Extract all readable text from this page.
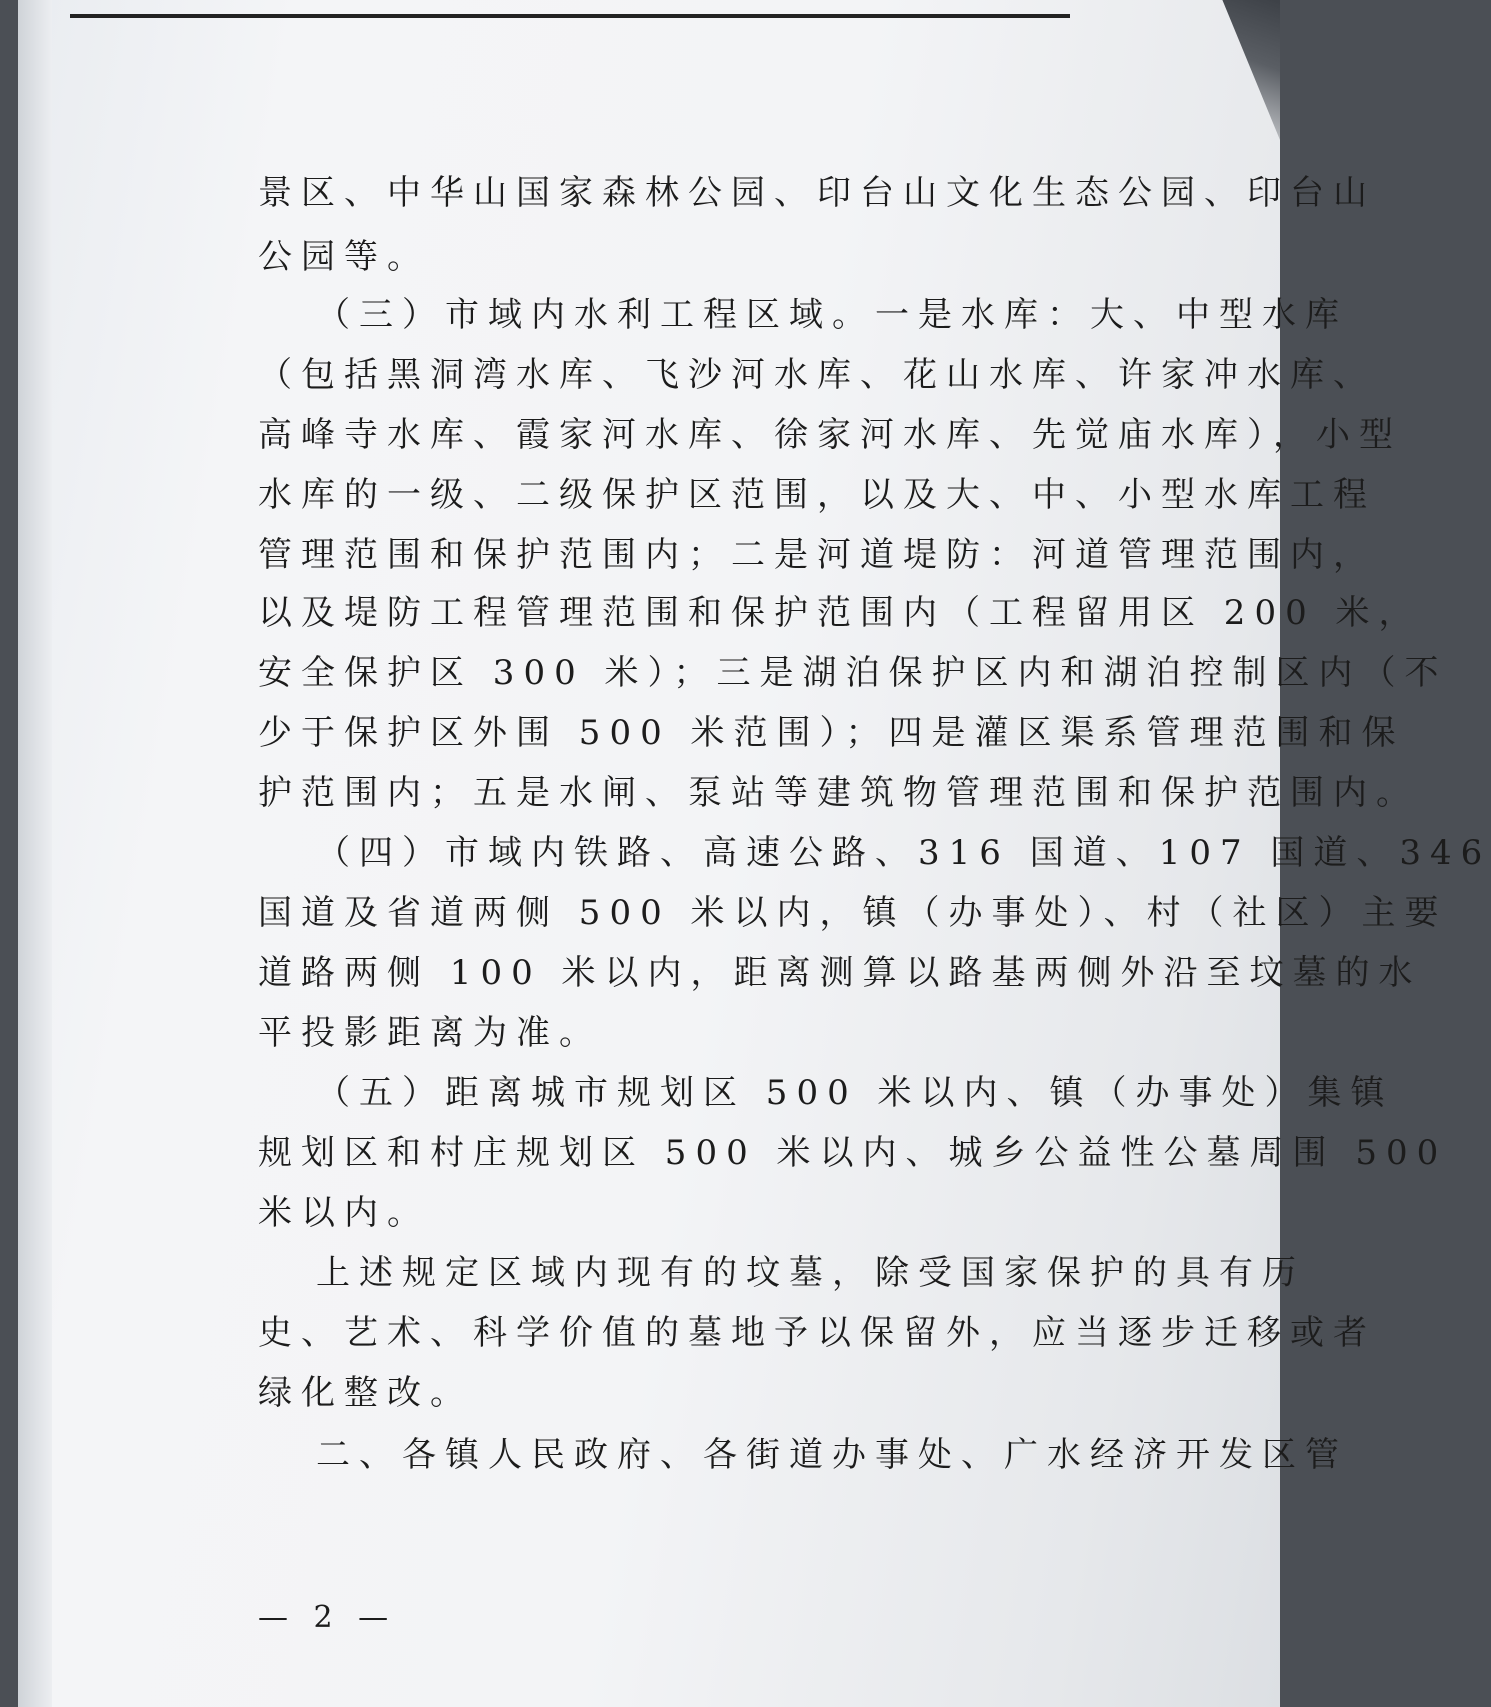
景区、中华山国家森林公园、印台山文化生态公园、印台山

公园等。

（三）市域内水利工程区域。一是水库：大、中型水库

（包括黑洞湾水库、飞沙河水库、花山水库、许家冲水库、

高峰寺水库、霞家河水库、徐家河水库、先觉庙水库），小型

水库的一级、二级保护区范围，以及大、中、小型水库工程

管理范围和保护范围内；二是河道堤防：河道管理范围内，

以及堤防工程管理范围和保护范围内（工程留用区 200 米，

安全保护区 300 米）；三是湖泊保护区内和湖泊控制区内（不

少于保护区外围 500 米范围）；四是灌区渠系管理范围和保

护范围内；五是水闸、泵站等建筑物管理范围和保护范围内。

（四）市域内铁路、高速公路、316 国道、107 国道、346

国道及省道两侧 500 米以内，镇（办事处）、村（社区）主要

道路两侧 100 米以内，距离测算以路基两侧外沿至坟墓的水

平投影距离为准。

（五）距离城市规划区 500 米以内、镇（办事处）集镇

规划区和村庄规划区 500 米以内、城乡公益性公墓周围 500

米以内。

上述规定区域内现有的坟墓，除受国家保护的具有历

史、艺术、科学价值的墓地予以保留外，应当逐步迁移或者

绿化整改。

二、各镇人民政府、各街道办事处、广水经济开发区管

— 2 —
